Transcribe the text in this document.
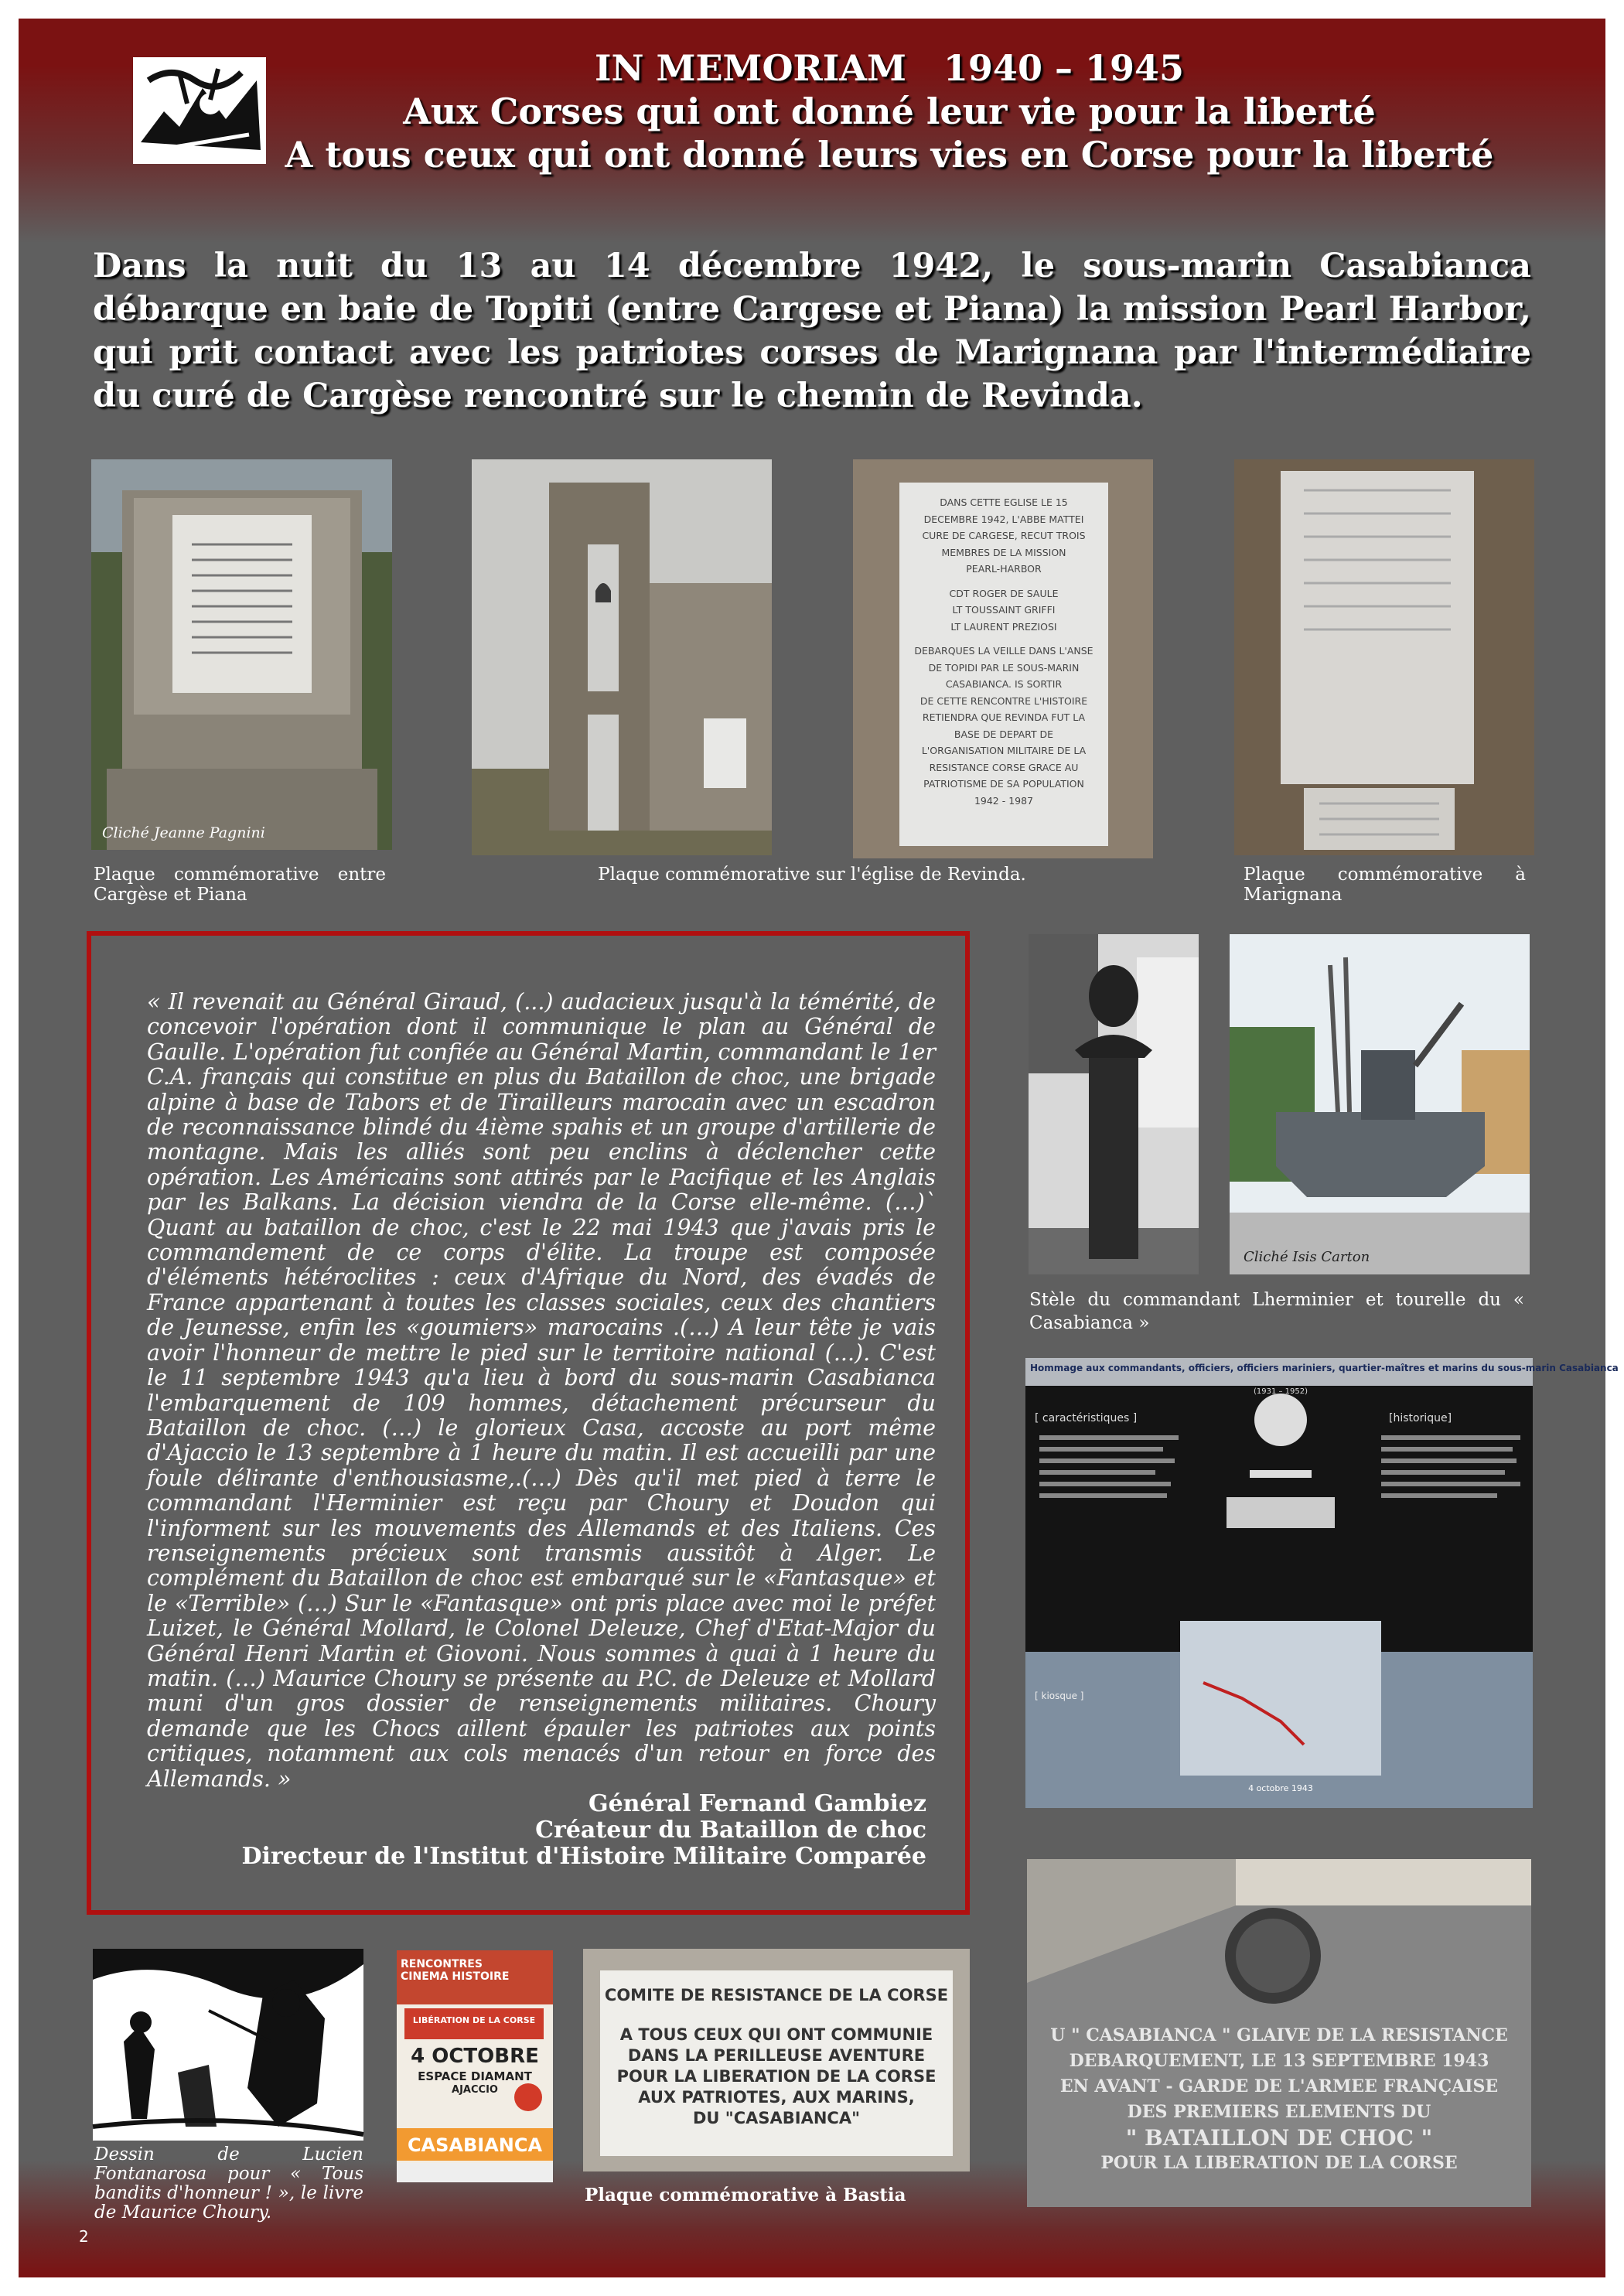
IN MEMORIAM   1940 – 1945
Aux Corses qui ont donné leur vie pour la liberté
A tous ceux qui ont donné leurs vies en Corse pour la liberté
Dans la nuit du 13 au 14 décembre 1942, le sous-marin Casabianca débarque en baie de Topiti (entre Cargese et Piana) la mission Pearl Harbor, qui prit contact avec les patriotes corses de Marignana par l'intermédiaire du curé de Cargèse rencontré sur le chemin de Revinda.
Cliché Jeanne Pagnini
DANS CETTE EGLISE LE 15
DECEMBRE 1942, L'ABBE MATTEI
CURE DE CARGESE, RECUT TROIS
MEMBRES DE LA MISSION
PEARL-HARBOR
CDT ROGER DE SAULE
LT TOUSSAINT GRIFFI
LT LAURENT PREZIOSI
DEBARQUES LA VEILLE DANS L'ANSE
DE TOPIDI PAR LE SOUS-MARIN
CASABIANCA. IS SORTIR
DE CETTE RENCONTRE L'HISTOIRE
RETIENDRA QUE REVINDA FUT LA
BASE DE DEPART DE
L'ORGANISATION MILITAIRE DE LA
RESISTANCE CORSE GRACE AU
PATRIOTISME DE SA POPULATION
1942 - 1987
Plaque commémorative entre Cargèse et Piana
Plaque commémorative sur l'église de Revinda.	Plaque commémorative à Marignana
« Il revenait au Général Giraud, (...) audacieux jusqu'à la témérité, de concevoir l'opération dont il communique le plan au Général de Gaulle. L'opération fut confiée au Général Martin, commandant le 1er C.A. français qui constitue en plus du Bataillon de choc, une brigade alpine à base de Tabors et de Tirailleurs marocain avec un escadron de reconnaissance blindé du 4ième spahis et un groupe d'artillerie de montagne. Mais les alliés sont peu enclins à déclencher cette opération. Les Américains sont attirés par le Pacifique et les Anglais par les Balkans. La décision viendra de la Corse elle-même. (…)` Quant au bataillon de choc, c'est le 22 mai 1943 que j'avais pris le commandement de ce corps d'élite. La troupe est composée d'éléments hétéroclites : ceux d'Afrique du Nord, des évadés de France appartenant à toutes les classes sociales, ceux des chantiers de Jeunesse, enfin les «goumiers» marocains .(…) A leur tête je vais avoir l'honneur de mettre le pied sur le territoire national (...). C'est le 11 septembre 1943 qu'a lieu à bord du sous-marin Casabianca l'embarquement de 109 hommes, détachement précurseur du Bataillon de choc. (…) le glorieux Casa, accoste au port même d'Ajaccio le 13 septembre à 1 heure du matin. Il est accueilli par une foule délirante d'enthousiasme,.(…) Dès qu'il met pied à terre le commandant l'Herminier est reçu par Choury et Doudon qui l'informent sur les mouvements des Allemands et des Italiens. Ces renseignements précieux sont transmis aussitôt à Alger. Le complément du Bataillon de choc est embarqué sur le «Fantasque» et le «Terrible» (…) Sur le «Fantasque» ont pris place avec moi le préfet Luizet, le Général Mollard, le Colonel Deleuze, Chef d'Etat-Major du Général Henri Martin et Giovoni. Nous sommes à quai à 1 heure du matin. (…) Maurice Choury se présente au P.C. de Deleuze et Mollard muni d'un gros dossier de renseignements militaires. Choury demande que les Chocs aillent épauler les patriotes aux points critiques, notamment aux cols menacés d'un retour en force des Allemands. »
Général Fernand Gambiez
Créateur du Bataillon de choc
Directeur de l'Institut d'Histoire Militaire Comparée
Cliché Isis Carton
Stèle du commandant Lherminier et tourelle du « Casabianca »
Hommage aux commandants, officiers, officiers mariniers, quartier-maîtres et marins du sous-marin Casabianca
(1931 – 1952)
[ caractéristiques ]	[historique]
[ kiosque ]
4 octobre 1943
Dessin de Lucien Fontanarosa pour « Tous bandits d'honneur ! », le livre de Maurice Choury.
RENCONTRES CINEMA HISTOIRE
LIBÉRATION DE LA CORSE
4 OCTOBRE
ESPACE DIAMANT
AJACCIO
CASABIANCA
COMITE DE RESISTANCE DE LA CORSE
A TOUS CEUX QUI ONT COMMUNIE
DANS LA PERILLEUSE AVENTURE
POUR LA LIBERATION DE LA CORSE
AUX PATRIOTES, AUX MARINS,
DU "CASABIANCA"
Plaque commémorative à Bastia
U " CASABIANCA " GLAIVE DE LA RESISTANCE
DEBARQUEMENT, LE 13 SEPTEMBRE 1943
EN AVANT - GARDE DE L'ARMEE FRANÇAISE
DES PREMIERS ELEMENTS DU
" BATAILLON DE CHOC "
POUR LA LIBERATION DE LA CORSE
2
